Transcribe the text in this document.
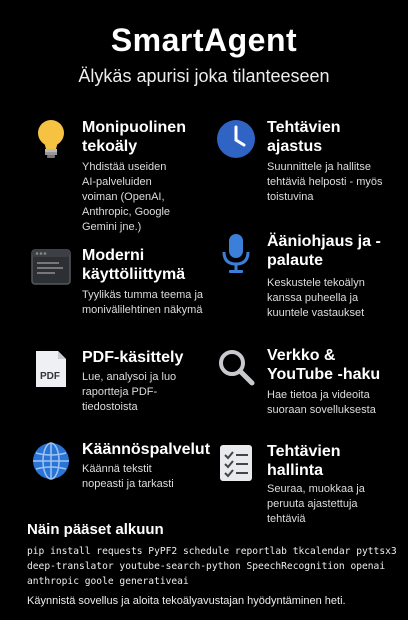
SmartAgent
Älykäs apurisi joka tilanteeseen
Monipuolinen tekoäly
Yhdistää useiden AI-palveluiden voiman (OpenAI, Anthropic, Google Gemini jne.)
Tehtävien ajastus
Suunnittele ja hallitse tehtäviä helposti - myös toistuvina
Moderni käyttöliittymä
Tyylikäs tumma teema ja monivälilehtinen näkymä
Ääniohjaus ja -palaute
Keskustele tekoälyn kanssa puheella ja kuuntele vastaukset
PDF
PDF-käsittely
Lue, analysoi ja luo raportteja PDF-tiedostoista
Verkko & YouTube -haku
Hae tietoa ja videoita suoraan sovelluksesta
Käännöspalvelut
Käännä tekstit nopeasti ja tarkasti
Tehtävien hallinta
Seuraa, muokkaa ja peruuta ajastettuja tehtäviä
Näin pääset alkuun
pip install requests PyPF2 schedule reportlab tkcalendar pyttsx3 deep-translator youtube-search-python SpeechRecognition openai anthropic goole generativeai
Käynnistä sovellus ja aloita tekoälyavustajan hyödyntäminen heti.
